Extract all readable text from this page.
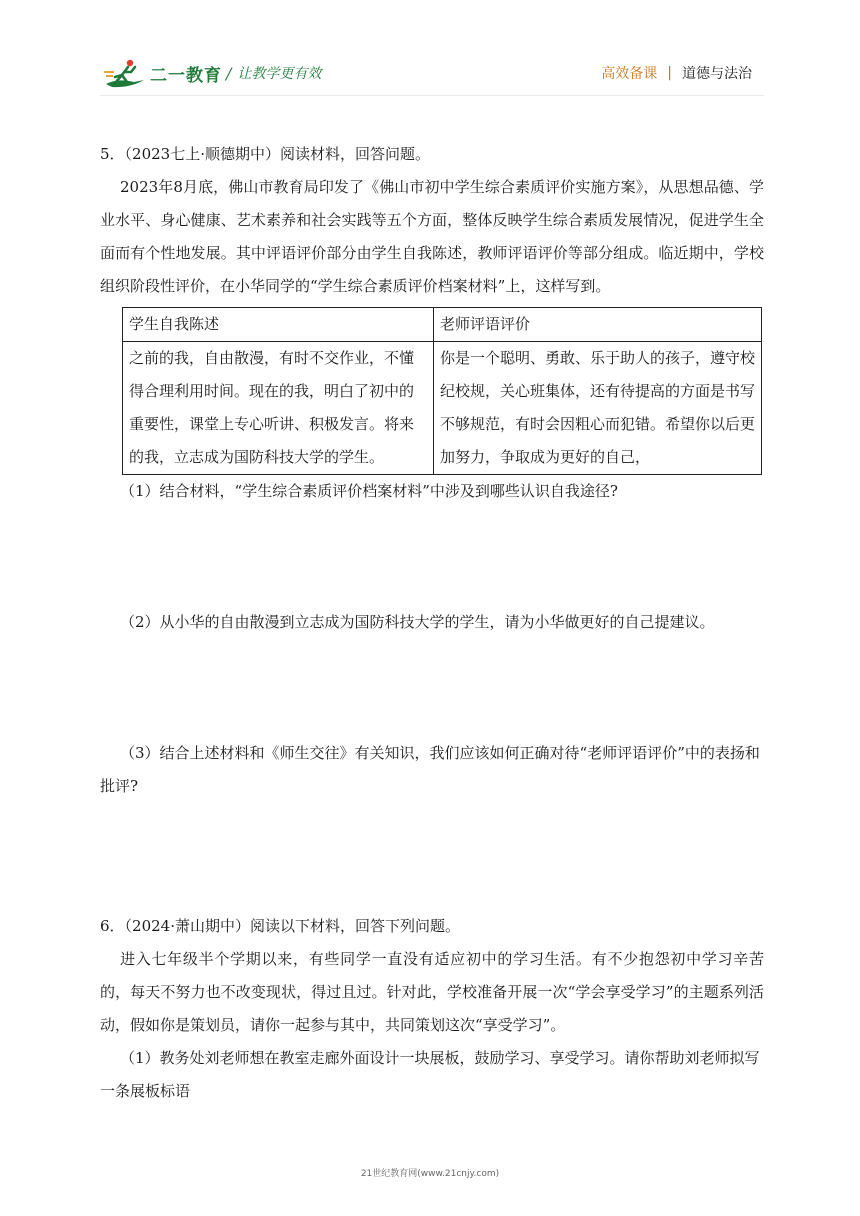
二一教育 / 让教学更有效	高效备课 | 道德与法治

5．（2023七上·顺德期中）阅读材料，回答问题。

2023年8月底，佛山市教育局印发了《佛山市初中学生综合素质评价实施方案》，从思想品德、学业水平、身心健康、艺术素养和社会实践等五个方面，整体反映学生综合素质发展情况，促进学生全面而有个性地发展。其中评语评价部分由学生自我陈述，教师评语评价等部分组成。临近期中，学校组织阶段性评价，在小华同学的“学生综合素质评价档案材料”上，这样写到。

学生自我陈述	老师评语评价
之前的我，自由散漫，有时不交作业，不懂得合理利用时间。现在的我，明白了初中的重要性，课堂上专心听讲、积极发言。将来的我，立志成为国防科技大学的学生。	你是一个聪明、勇敢、乐于助人的孩子，遵守校纪校规，关心班集体，还有待提高的方面是书写不够规范，有时会因粗心而犯错。希望你以后更加努力，争取成为更好的自己，

（1）结合材料，“学生综合素质评价档案材料”中涉及到哪些认识自我途径?

（2）从小华的自由散漫到立志成为国防科技大学的学生，请为小华做更好的自己提建议。

（3）结合上述材料和《师生交往》有关知识，我们应该如何正确对待“老师评语评价”中的表扬和批评?

6．（2024·萧山期中）阅读以下材料，回答下列问题。

进入七年级半个学期以来，有些同学一直没有适应初中的学习生活。有不少抱怨初中学习辛苦的，每天不努力也不改变现状，得过且过。针对此，学校准备开展一次“学会享受学习”的主题系列活动，假如你是策划员，请你一起参与其中，共同策划这次“享受学习”。

（1）教务处刘老师想在教室走廊外面设计一块展板，鼓励学习、享受学习。请你帮助刘老师拟写一条展板标语

21世纪教育网(www.21cnjy.com)
